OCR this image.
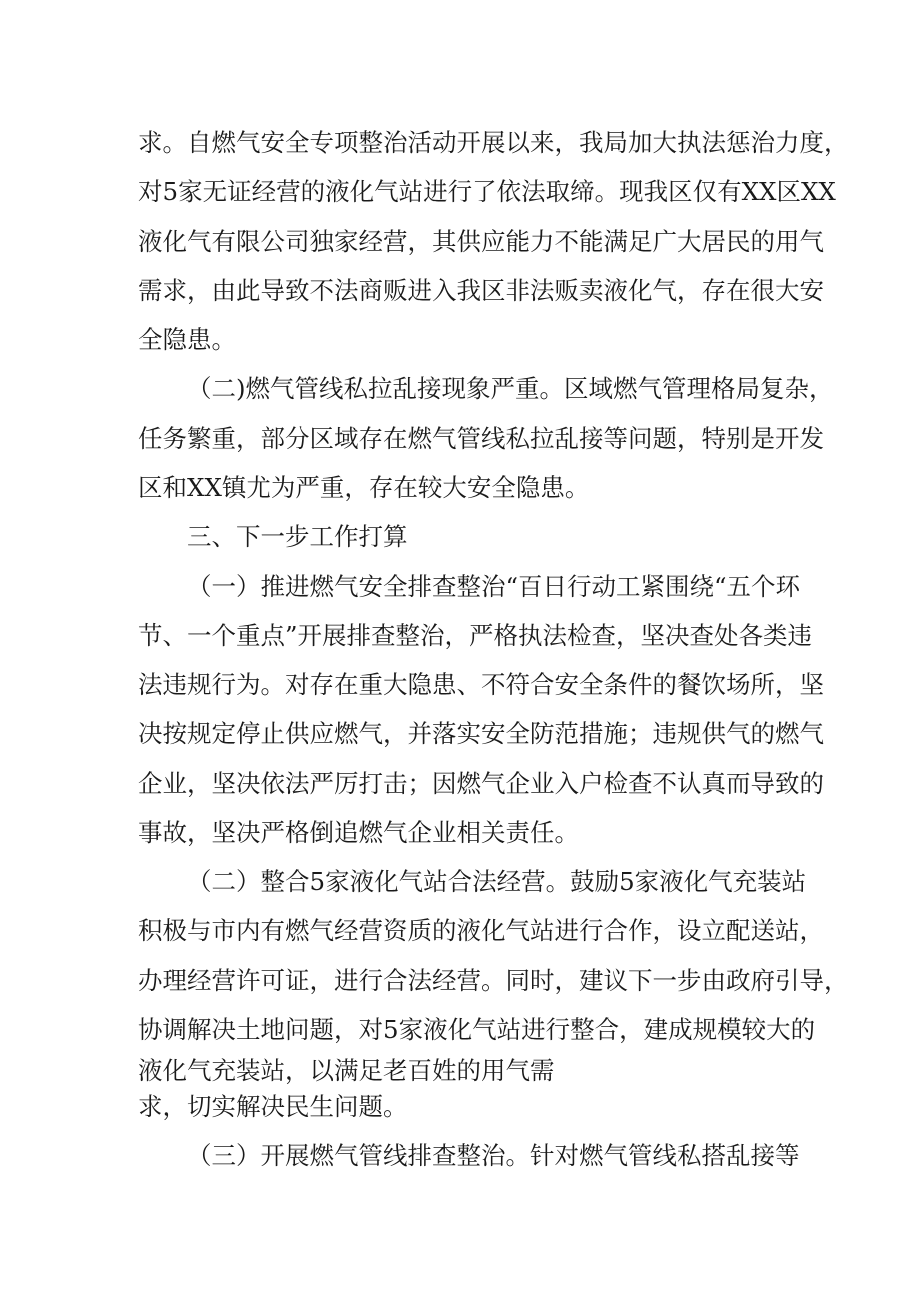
求。自燃气安全专项整治活动开展以来，我局加大执法惩治力度，
对5家无证经营的液化气站进行了依法取缔。现我区仅有XX区XX
液化气有限公司独家经营，其供应能力不能满足广大居民的用气
需求，由此导致不法商贩进入我区非法贩卖液化气，存在很大安
全隐患。
（二)燃气管线私拉乱接现象严重。区域燃气管理格局复杂，
任务繁重，部分区域存在燃气管线私拉乱接等问题，特别是开发
区和XX镇尤为严重，存在较大安全隐患。
三、下一步工作打算
（一）推进燃气安全排查整治“百日行动工紧围绕“五个环
节、一个重点”开展排查整治，严格执法检查，坚决查处各类违
法违规行为。对存在重大隐患、不符合安全条件的餐饮场所，坚
决按规定停止供应燃气，并落实安全防范措施；违规供气的燃气
企业，坚决依法严厉打击；因燃气企业入户检查不认真而导致的
事故，坚决严格倒追燃气企业相关责任。
（二）整合5家液化气站合法经营。鼓励5家液化气充装站
积极与市内有燃气经营资质的液化气站进行合作，设立配送站，
办理经营许可证，进行合法经营。同时，建议下一步由政府引导，
协调解决土地问题，对5家液化气站进行整合，建成规模较大的
液化气充装站，以满足老百姓的用气需
求，切实解决民生问题。
（三）开展燃气管线排查整治。针对燃气管线私搭乱接等
